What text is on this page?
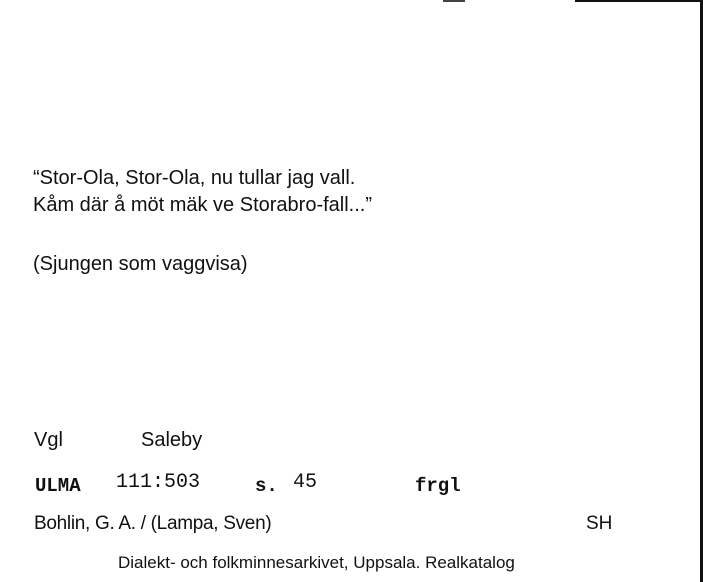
“Stor-Ola, Stor-Ola, nu tullar jag vall.
Kåm där å möt mäk ve Storabro-fall...”
(Sjungen som vaggvisa)
Vgl	Saleby
ULMA 111:503	s. 45	frgl
Bohlin, G. A. / (Lampa, Sven)	SH
Dialekt- och folkminnesarkivet, Uppsala. Realkatalog
